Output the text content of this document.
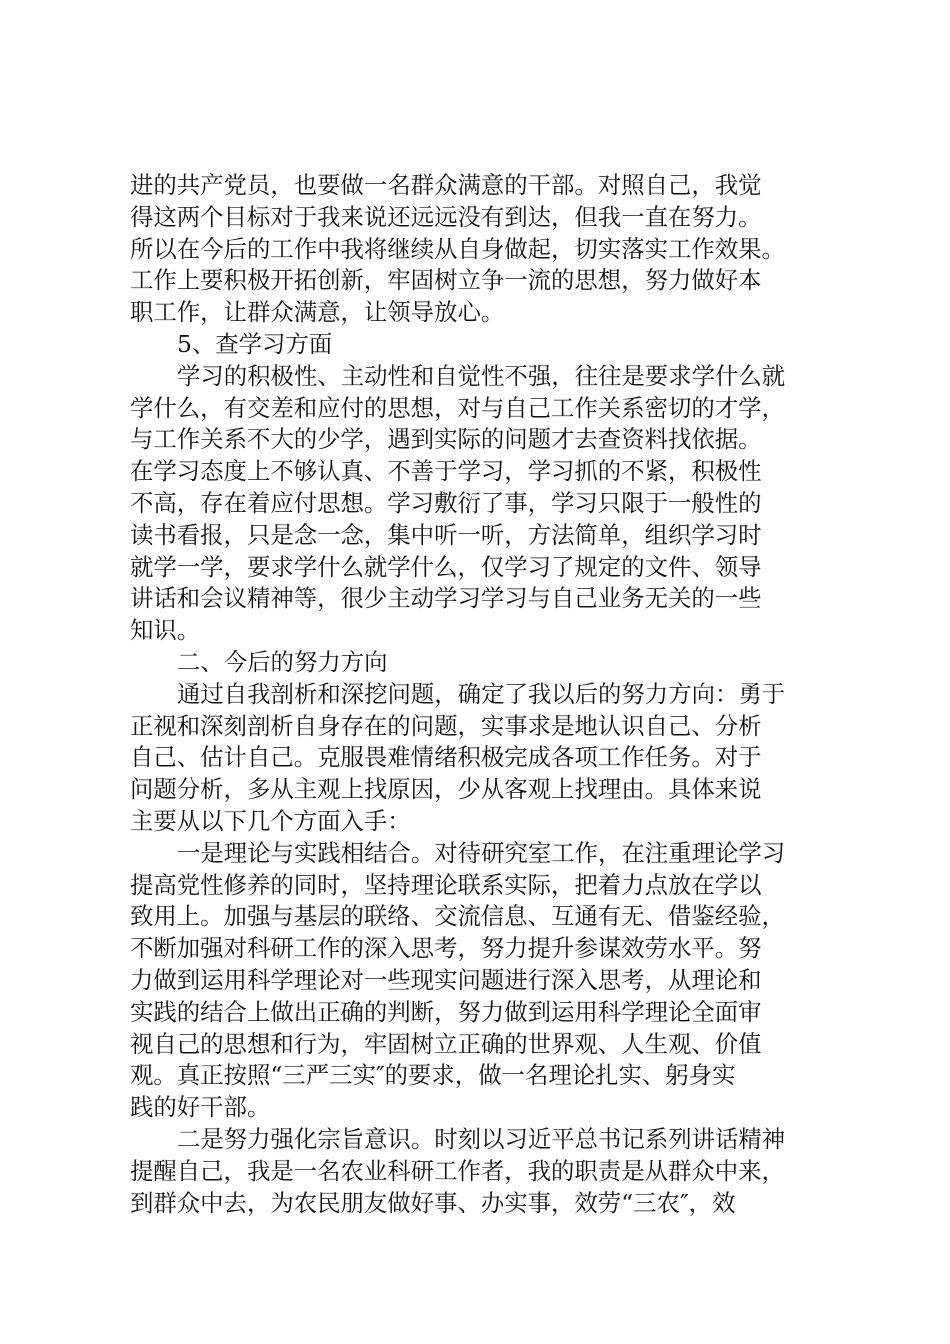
进的共产党员，也要做一名群众满意的干部。对照自己，我觉
得这两个目标对于我来说还远远没有到达，但我一直在努力。
所以在今后的工作中我将继续从自身做起，切实落实工作效果。
工作上要积极开拓创新，牢固树立争一流的思想，努力做好本
职工作，让群众满意，让领导放心。
5、查学习方面
学习的积极性、主动性和自觉性不强，往往是要求学什么就
学什么，有交差和应付的思想，对与自己工作关系密切的才学，
与工作关系不大的少学，遇到实际的问题才去查资料找依据。
在学习态度上不够认真、不善于学习，学习抓的不紧，积极性
不高，存在着应付思想。学习敷衍了事，学习只限于一般性的
读书看报，只是念一念，集中听一听，方法简单，组织学习时
就学一学，要求学什么就学什么，仅学习了规定的文件、领导
讲话和会议精神等，很少主动学习学习与自己业务无关的一些
知识。
二、今后的努力方向
通过自我剖析和深挖问题，确定了我以后的努力方向：勇于
正视和深刻剖析自身存在的问题，实事求是地认识自己、分析
自己、估计自己。克服畏难情绪积极完成各项工作任务。对于
问题分析，多从主观上找原因，少从客观上找理由。具体来说
主要从以下几个方面入手：
一是理论与实践相结合。对待研究室工作，在注重理论学习
提高党性修养的同时，坚持理论联系实际，把着力点放在学以
致用上。加强与基层的联络、交流信息、互通有无、借鉴经验，
不断加强对科研工作的深入思考，努力提升参谋效劳水平。努
力做到运用科学理论对一些现实问题进行深入思考，从理论和
实践的结合上做出正确的判断，努力做到运用科学理论全面审
视自己的思想和行为，牢固树立正确的世界观、人生观、价值
观。真正按照“三严三实″的要求，做一名理论扎实、躬身实
践的好干部。
二是努力强化宗旨意识。时刻以习近平总书记系列讲话精神
提醒自己，我是一名农业科研工作者，我的职责是从群众中来，
到群众中去，为农民朋友做好事、办实事，效劳“三农″，效
